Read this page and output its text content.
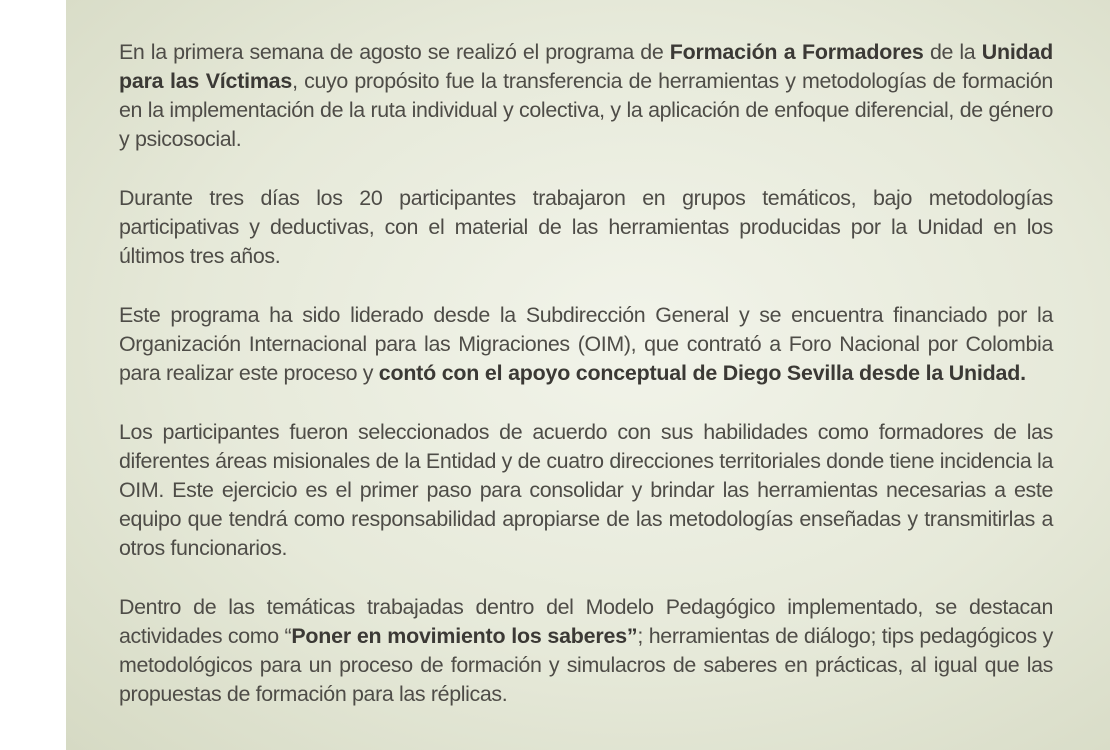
En la primera semana de agosto se realizó el programa de Formación a Formadores de la Unidad para las Víctimas, cuyo propósito fue la transferencia de herramientas y metodologías de formación en la implementación de la ruta individual y colectiva, y la aplicación de enfoque diferencial, de género y psicosocial.

Durante tres días los 20 participantes trabajaron en grupos temáticos, bajo metodologías participativas y deductivas, con el material de las herramientas producidas por la Unidad en los últimos tres años.

Este programa ha sido liderado desde la Subdirección General y se encuentra financiado por la Organización Internacional para las Migraciones (OIM), que contrató a Foro Nacional por Colombia para realizar este proceso y contó con el apoyo conceptual de Diego Sevilla desde la Unidad.

Los participantes fueron seleccionados de acuerdo con sus habilidades como formadores de las diferentes áreas misionales de la Entidad y de cuatro direcciones territoriales donde tiene incidencia la OIM. Este ejercicio es el primer paso para consolidar y brindar las herramientas necesarias a este equipo que tendrá como responsabilidad apropiarse de las metodologías enseñadas y transmitirlas a otros funcionarios.

Dentro de las temáticas trabajadas dentro del Modelo Pedagógico implementado, se destacan actividades como “Poner en movimiento los saberes”; herramientas de diálogo; tips pedagógicos y metodológicos para un proceso de formación y simulacros de saberes en prácticas, al igual que las propuestas de formación para las réplicas.
